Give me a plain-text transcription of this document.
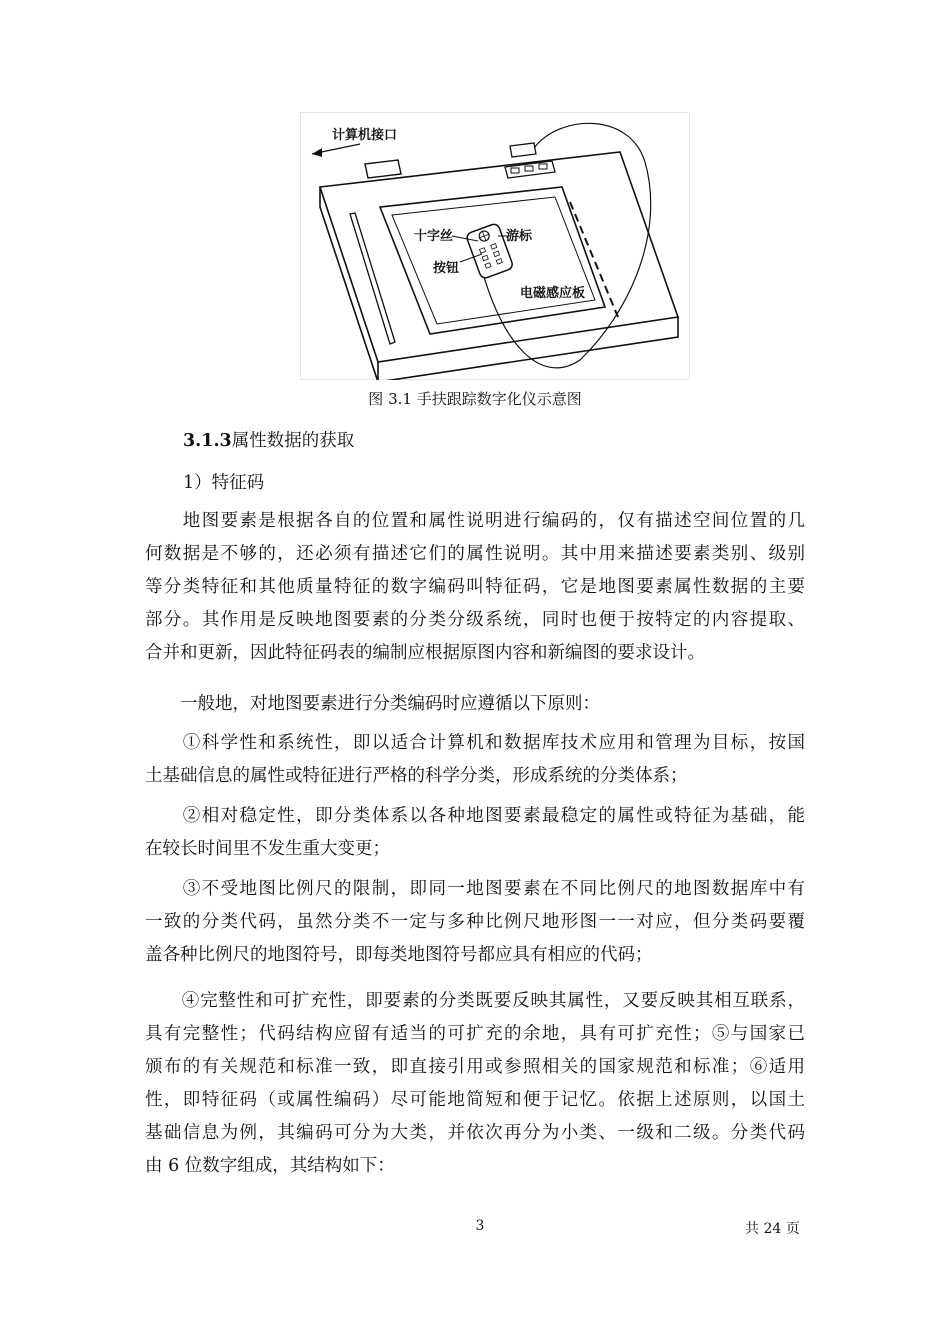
计算机接口
十字丝	游标
按钮
电磁感应板
图 3.1 手扶跟踪数字化仪示意图
3.1.3属性数据的获取
1）特征码

　　地图要素是根据各自的位置和属性说明进行编码的，仅有描述空间位置的几
何数据是不够的，还必须有描述它们的属性说明。其中用来描述要素类别、级别
等分类特征和其他质量特征的数字编码叫特征码，它是地图要素属性数据的主要
部分。其作用是反映地图要素的分类分级系统，同时也便于按特定的内容提取、
合并和更新，因此特征码表的编制应根据原图内容和新编图的要求设计。

　　一般地，对地图要素进行分类编码时应遵循以下原则：

　　①科学性和系统性，即以适合计算机和数据库技术应用和管理为目标，按国
土基础信息的属性或特征进行严格的科学分类，形成系统的分类体系；

　　②相对稳定性，即分类体系以各种地图要素最稳定的属性或特征为基础，能
在较长时间里不发生重大变更；

　　③不受地图比例尺的限制，即同一地图要素在不同比例尺的地图数据库中有
一致的分类代码，虽然分类不一定与多种比例尺地形图一一对应，但分类码要覆
盖各种比例尺的地图符号，即每类地图符号都应具有相应的代码；

　　④完整性和可扩充性，即要素的分类既要反映其属性，又要反映其相互联系，
具有完整性；代码结构应留有适当的可扩充的余地，具有可扩充性；⑤与国家已
颁布的有关规范和标准一致，即直接引用或参照相关的国家规范和标准；⑥适用
性，即特征码（或属性编码）尽可能地简短和便于记忆。依据上述原则，以国土
基础信息为例，其编码可分为大类，并依次再分为小类、一级和二级。分类代码
由 6 位数字组成，其结构如下：

3	共 24 页
